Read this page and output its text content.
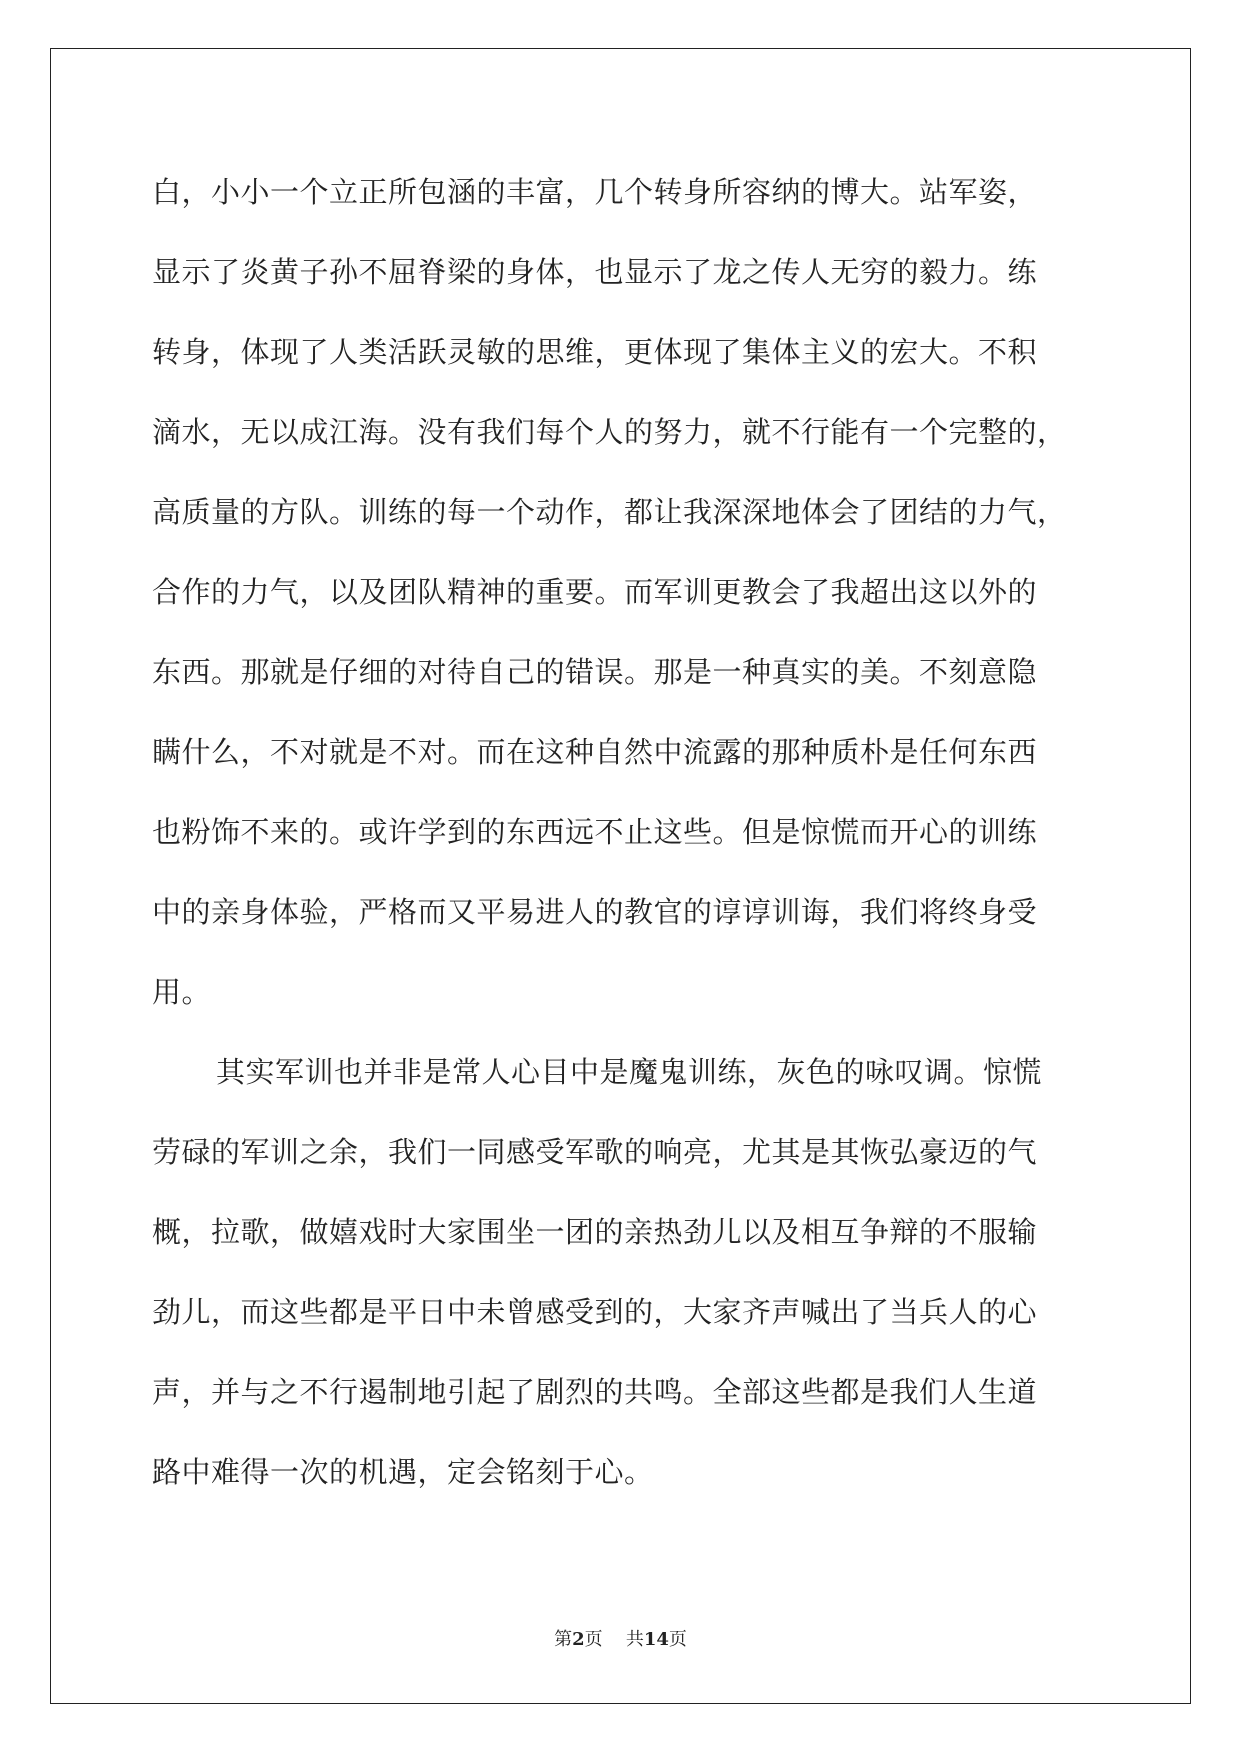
白，小小一个立正所包涵的丰富，几个转身所容纳的博大。站军姿，
显示了炎黄子孙不屈脊梁的身体，也显示了龙之传人无穷的毅力。练
转身，体现了人类活跃灵敏的思维，更体现了集体主义的宏大。不积
滴水，无以成江海。没有我们每个人的努力，就不行能有一个完整的，
高质量的方队。训练的每一个动作，都让我深深地体会了团结的力气，
合作的力气，以及团队精神的重要。而军训更教会了我超出这以外的
东西。那就是仔细的对待自己的错误。那是一种真实的美。不刻意隐
瞒什么，不对就是不对。而在这种自然中流露的那种质朴是任何东西
也粉饰不来的。或许学到的东西远不止这些。但是惊慌而开心的训练
中的亲身体验，严格而又平易进人的教官的谆谆训诲，我们将终身受
用。
其实军训也并非是常人心目中是魔鬼训练，灰色的咏叹调。惊慌
劳碌的军训之余，我们一同感受军歌的响亮，尤其是其恢弘豪迈的气
概，拉歌，做嬉戏时大家围坐一团的亲热劲儿以及相互争辩的不服输
劲儿，而这些都是平日中未曾感受到的，大家齐声喊出了当兵人的心
声，并与之不行遏制地引起了剧烈的共鸣。全部这些都是我们人生道
路中难得一次的机遇，定会铭刻于心。
第2页 共14页
